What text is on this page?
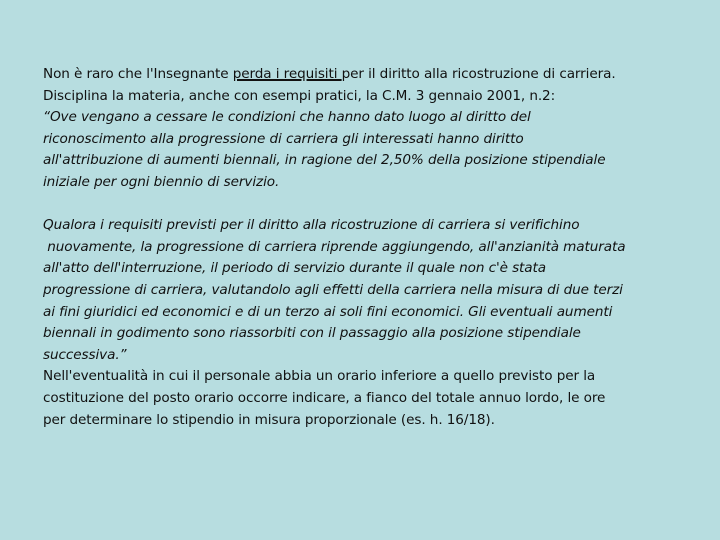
Non è raro che l'Insegnante perda i requisiti per il diritto alla ricostruzione di carriera.
Disciplina la materia, anche con esempi pratici, la C.M. 3 gennaio 2001, n.2:
“Ove vengano a cessare le condizioni che hanno dato luogo al diritto del
riconoscimento alla progressione di carriera gli interessati hanno diritto
all'attribuzione di aumenti biennali, in ragione del 2,50% della posizione stipendiale
iniziale per ogni biennio di servizio.
Qualora i requisiti previsti per il diritto alla ricostruzione di carriera si verifichino
nuovamente, la progressione di carriera riprende aggiungendo, all'anzianità maturata
all'atto dell'interruzione, il periodo di servizio durante il quale non c'è stata
progressione di carriera, valutandolo agli effetti della carriera nella misura di due terzi
ai fini giuridici ed economici e di un terzo ai soli fini economici. Gli eventuali aumenti
biennali in godimento sono riassorbiti con il passaggio alla posizione stipendiale
successiva.”
Nell'eventualità in cui il personale abbia un orario inferiore a quello previsto per la
costituzione del posto orario occorre indicare, a fianco del totale annuo lordo, le ore
per determinare lo stipendio in misura proporzionale (es. h. 16/18).
